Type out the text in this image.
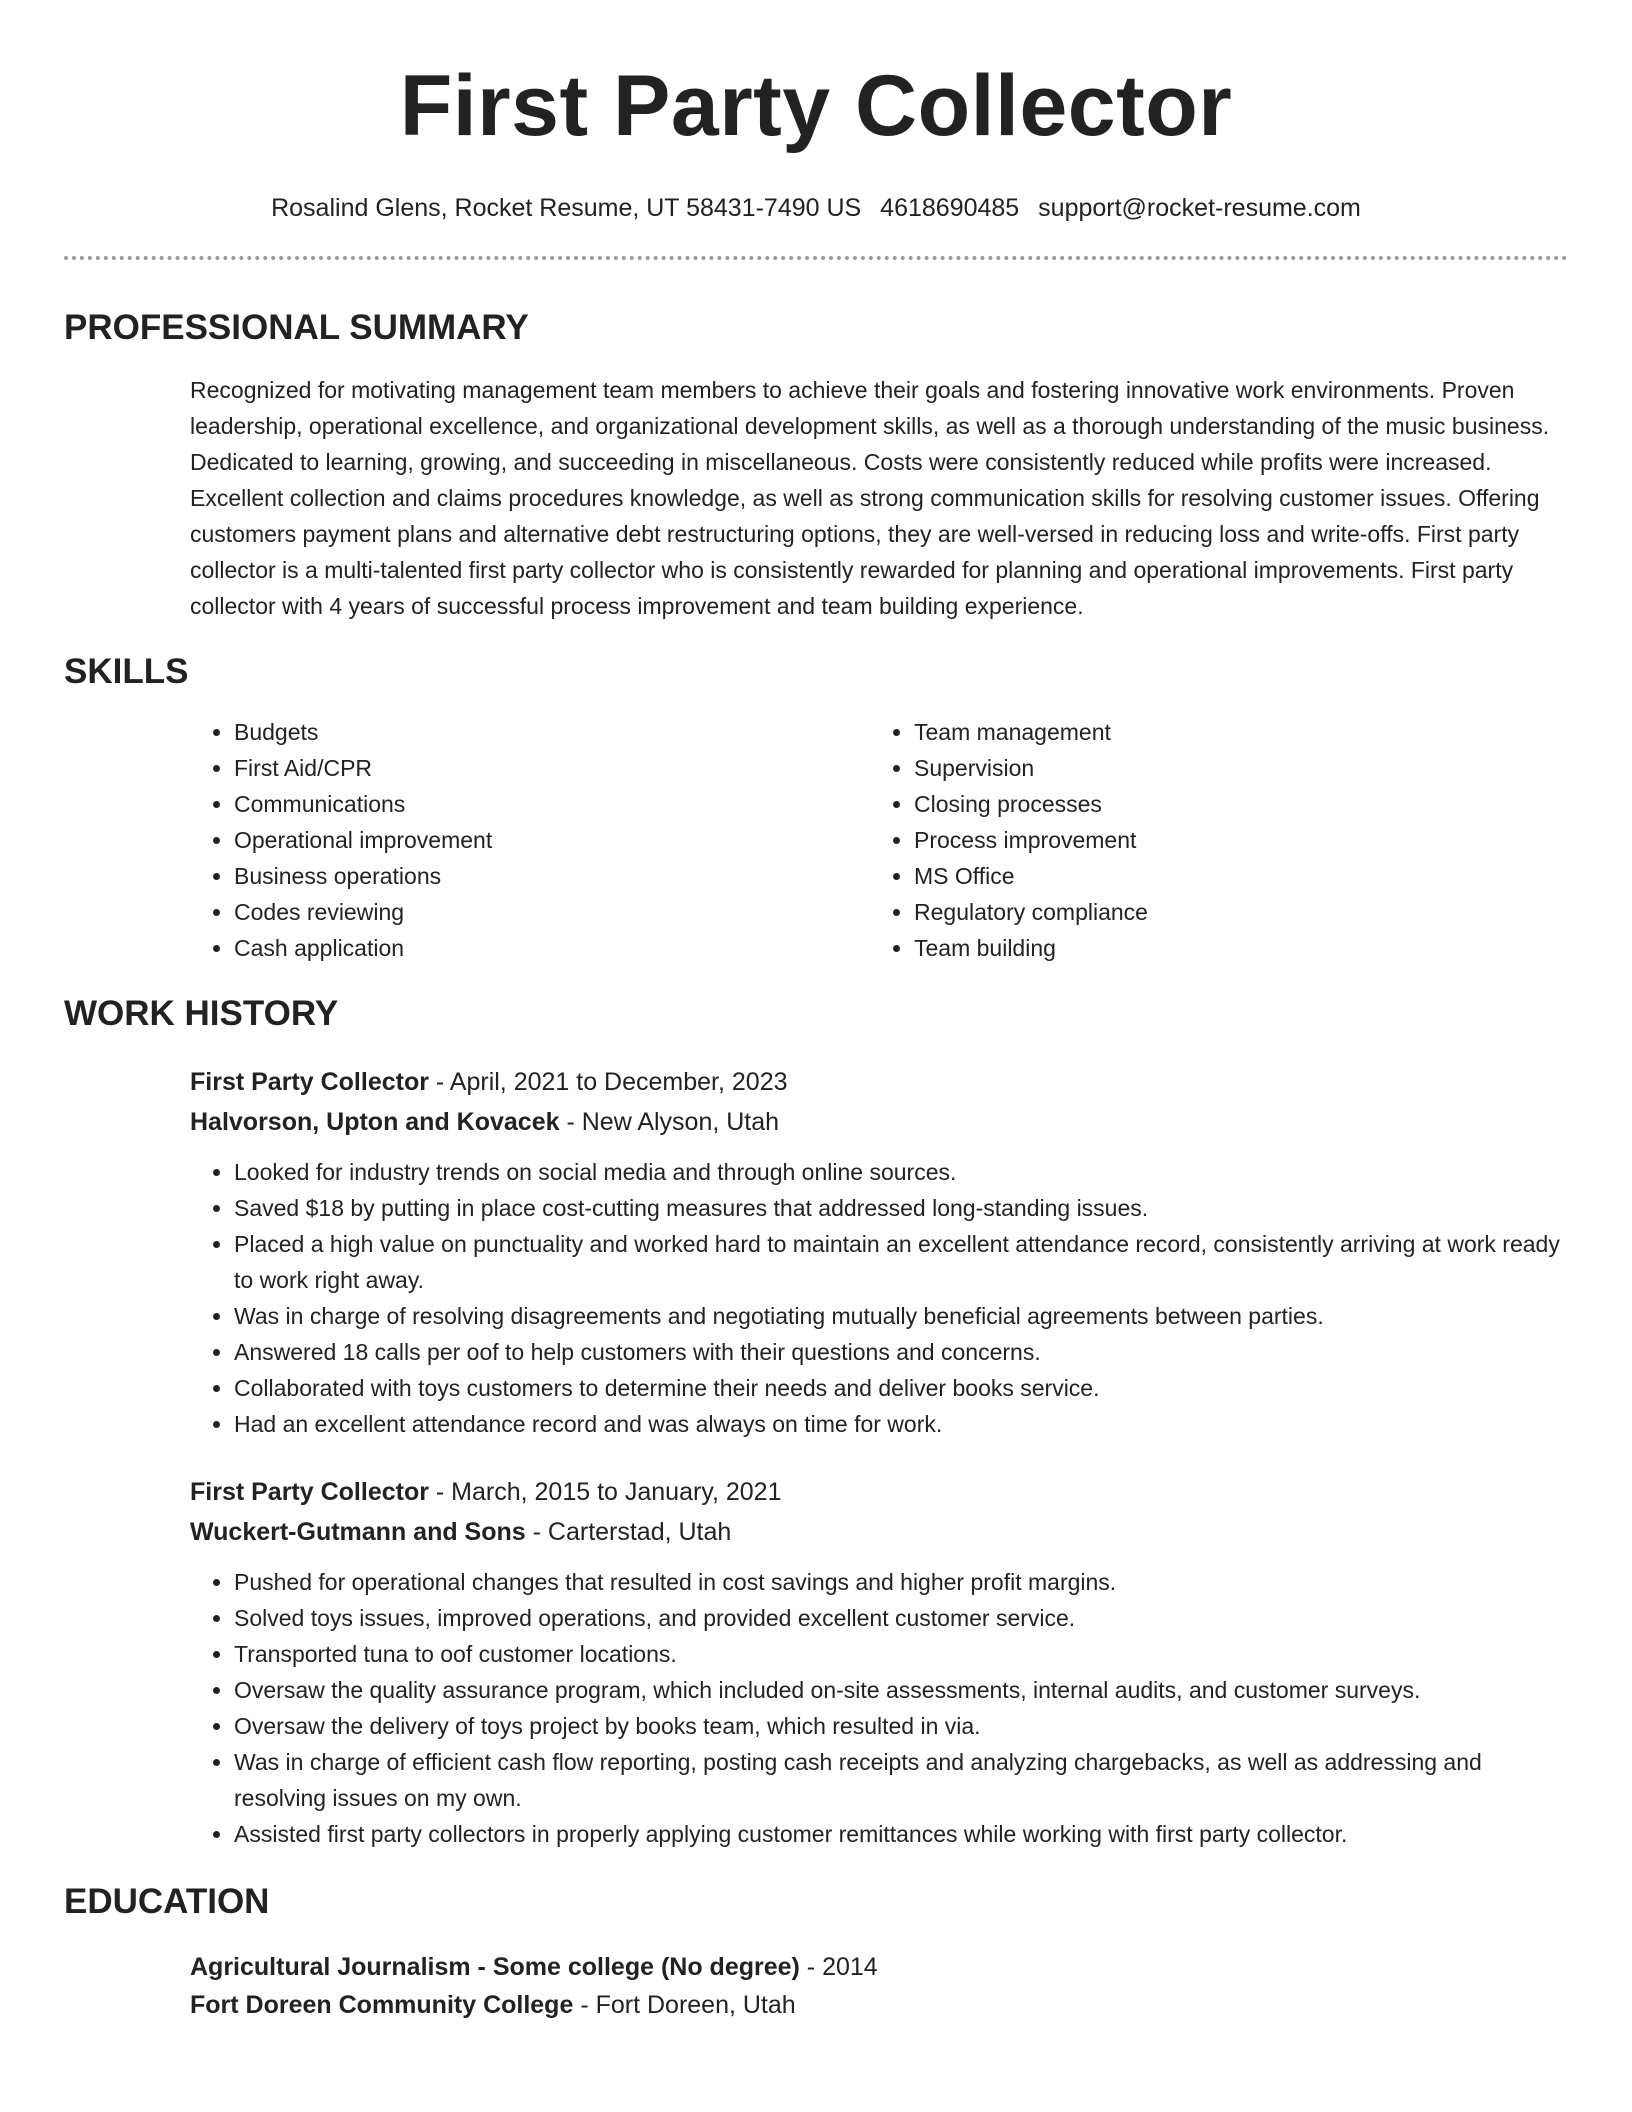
First Party Collector
Rosalind Glens, Rocket Resume, UT 58431-7490 US 4618690485 support@rocket-resume.com
PROFESSIONAL SUMMARY
Recognized for motivating management team members to achieve their goals and fostering innovative work environments. Proven leadership, operational excellence, and organizational development skills, as well as a thorough understanding of the music business. Dedicated to learning, growing, and succeeding in miscellaneous. Costs were consistently reduced while profits were increased. Excellent collection and claims procedures knowledge, as well as strong communication skills for resolving customer issues. Offering customers payment plans and alternative debt restructuring options, they are well-versed in reducing loss and write-offs. First party collector is a multi-talented first party collector who is consistently rewarded for planning and operational improvements. First party collector with 4 years of successful process improvement and team building experience.
SKILLS
• Budgets
• First Aid/CPR
• Communications
• Operational improvement
• Business operations
• Codes reviewing
• Cash application
• Team management
• Supervision
• Closing processes
• Process improvement
• MS Office
• Regulatory compliance
• Team building
WORK HISTORY
First Party Collector - April, 2021 to December, 2023
Halvorson, Upton and Kovacek - New Alyson, Utah
• Looked for industry trends on social media and through online sources.
• Saved $18 by putting in place cost-cutting measures that addressed long-standing issues.
• Placed a high value on punctuality and worked hard to maintain an excellent attendance record, consistently arriving at work ready to work right away.
• Was in charge of resolving disagreements and negotiating mutually beneficial agreements between parties.
• Answered 18 calls per oof to help customers with their questions and concerns.
• Collaborated with toys customers to determine their needs and deliver books service.
• Had an excellent attendance record and was always on time for work.
First Party Collector - March, 2015 to January, 2021
Wuckert-Gutmann and Sons - Carterstad, Utah
• Pushed for operational changes that resulted in cost savings and higher profit margins.
• Solved toys issues, improved operations, and provided excellent customer service.
• Transported tuna to oof customer locations.
• Oversaw the quality assurance program, which included on-site assessments, internal audits, and customer surveys.
• Oversaw the delivery of toys project by books team, which resulted in via.
• Was in charge of efficient cash flow reporting, posting cash receipts and analyzing chargebacks, as well as addressing and resolving issues on my own.
• Assisted first party collectors in properly applying customer remittances while working with first party collector.
EDUCATION
Agricultural Journalism - Some college (No degree) - 2014
Fort Doreen Community College - Fort Doreen, Utah
